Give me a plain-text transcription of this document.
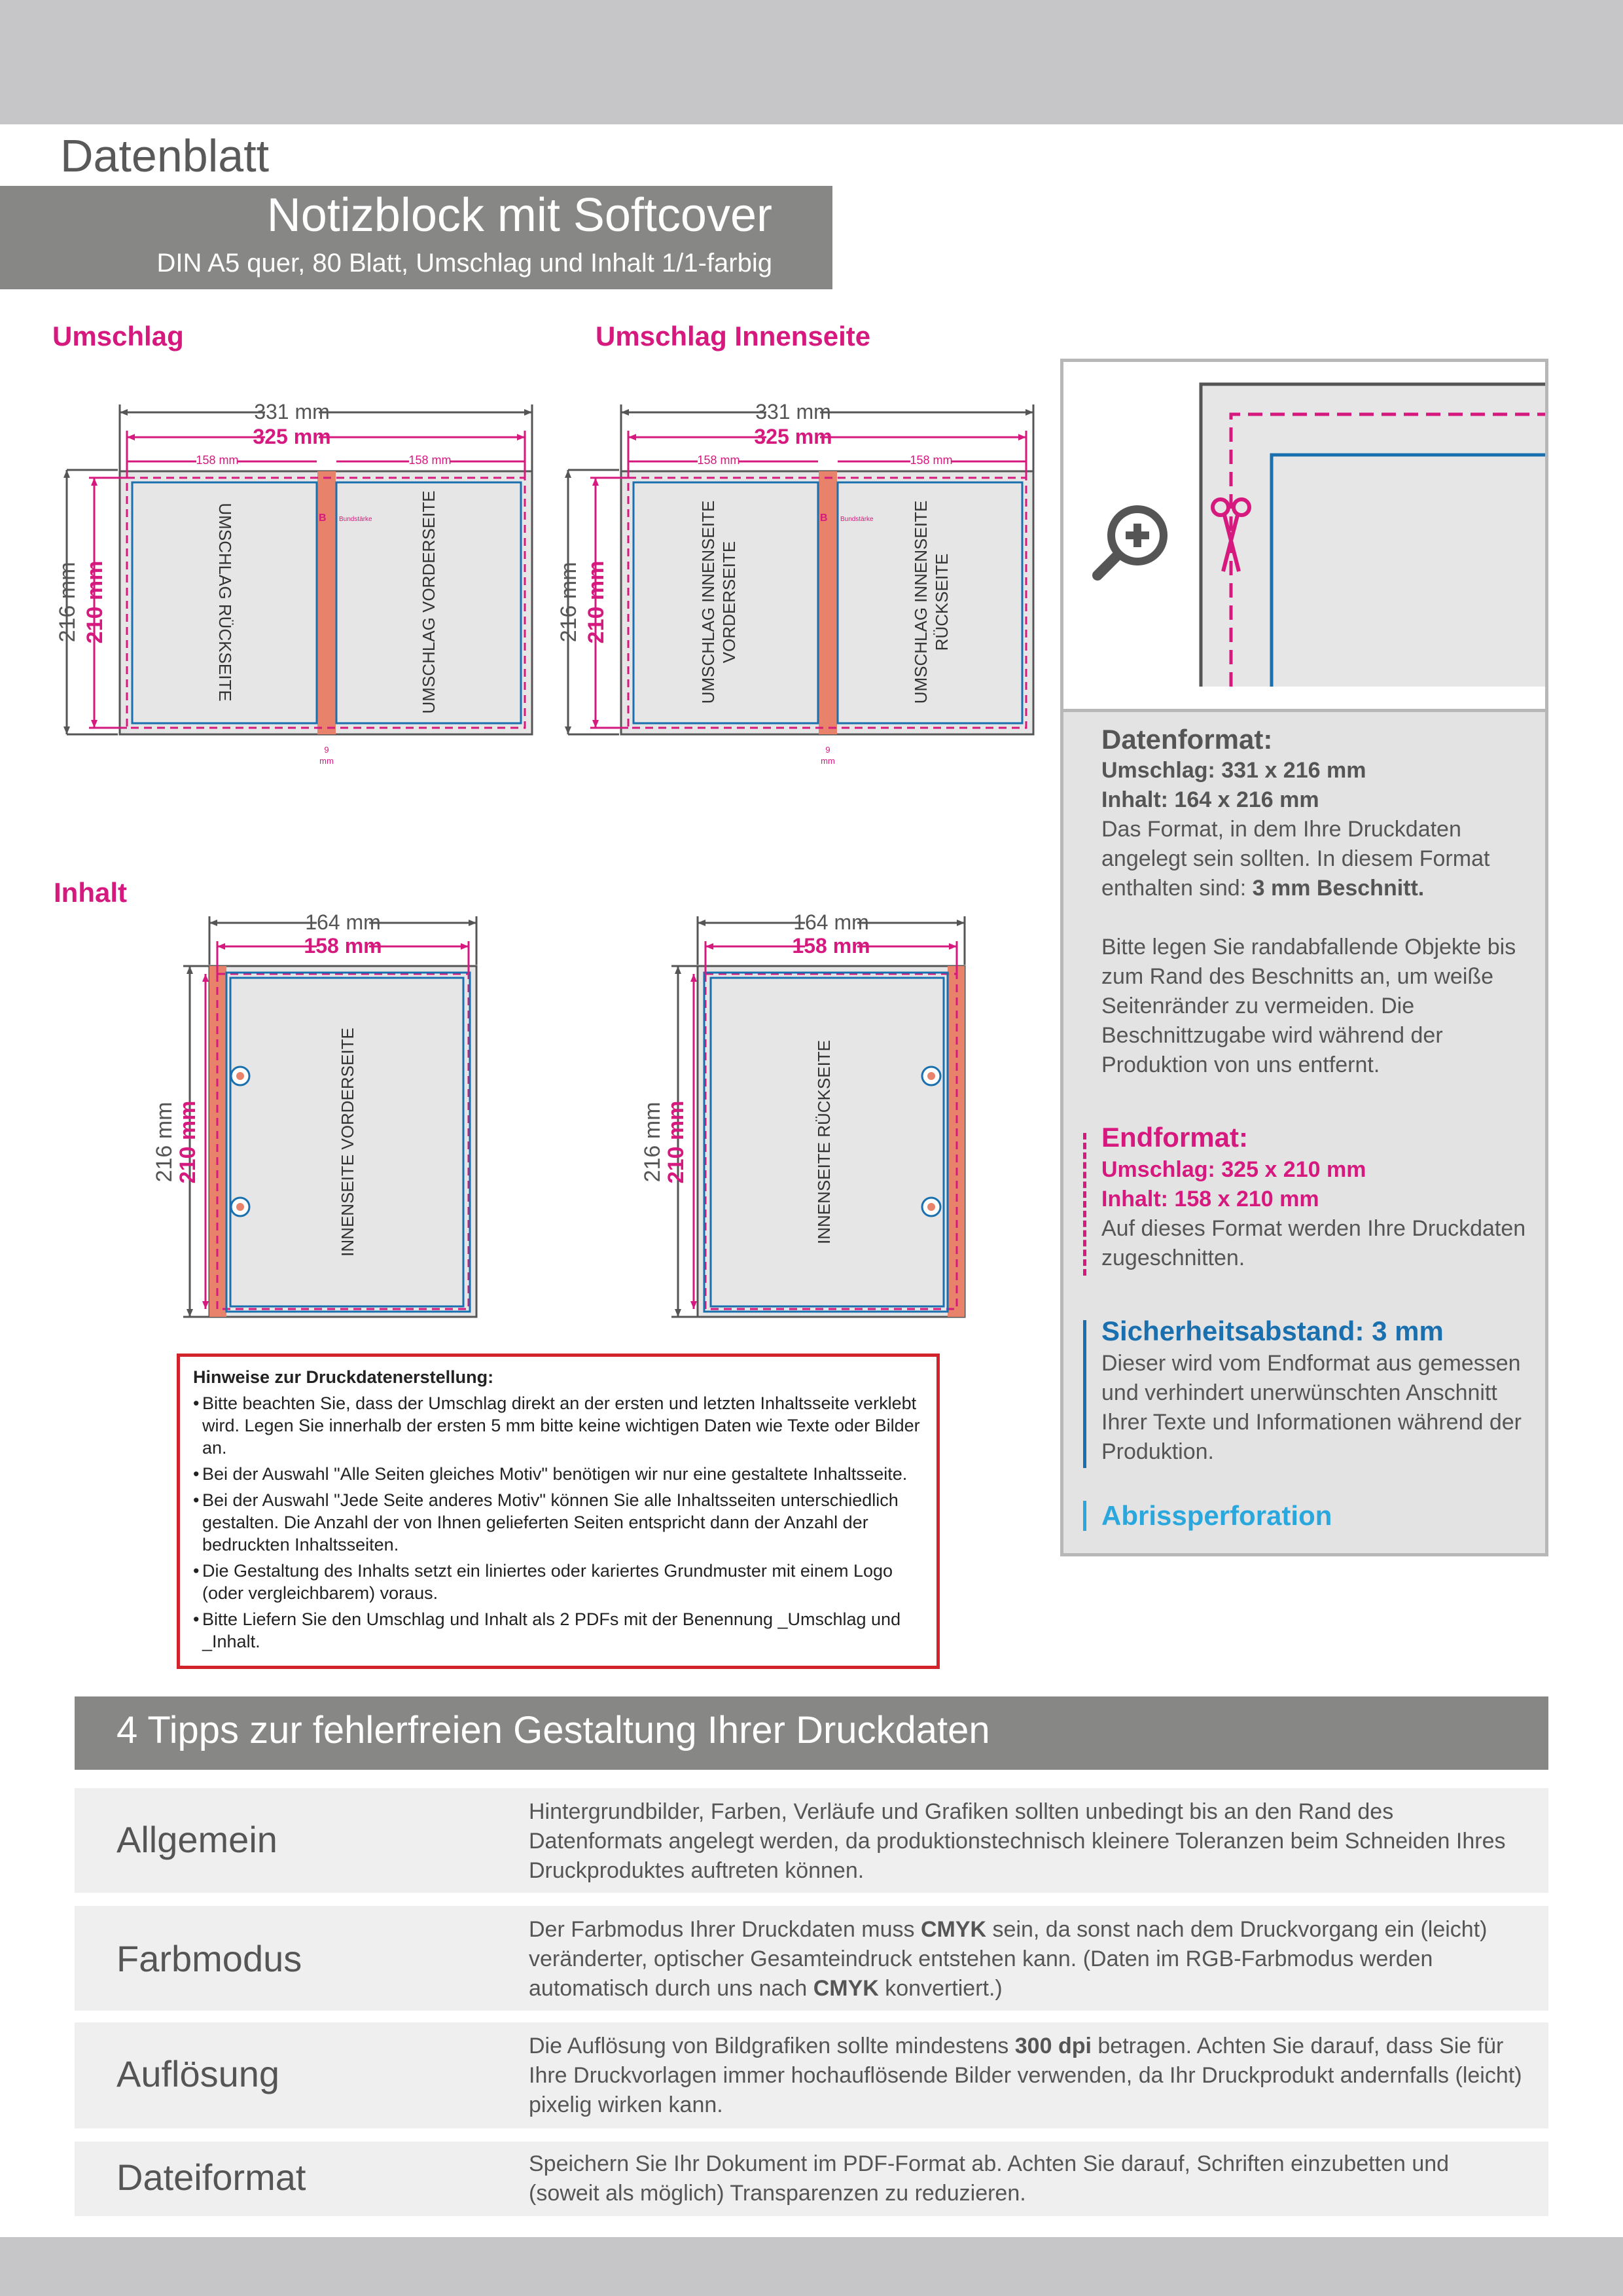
Datenblatt
Notizblock mit Softcover
DIN A5 quer, 80 Blatt, Umschlag und Inhalt 1/1-farbig
Umschlag	Umschlag Innenseite
Inhalt
331 mm
325 mm
158 mm	158 mm
216 mm 210 mm	UMSCHLAG RÜCKSEITE	UMSCHLAG VORDERSEITE
B Bundstärke
9
mm
331 mm
325 mm
158 mm	158 mm
216 mm 210 mm	UMSCHLAG INNENSEITE VORDERSEITE	UMSCHLAG INNENSEITE RÜCKSEITE
B Bundstärke
9
mm
164 mm
158 mm
216 mm
210 mm	INNENSEITE VORDERSEITE
164 mm
158 mm
216 mm
210 mm	INNENSEITE RÜCKSEITE
Hinweise zur Druckdatenerstellung:
• Bitte beachten Sie, dass der Umschlag direkt an der ersten und letzten Inhaltsseite verklebt wird. Legen Sie innerhalb der ersten 5 mm bitte keine wichtigen Daten wie Texte oder Bilder an.
• Bei der Auswahl "Alle Seiten gleiches Motiv" benötigen wir nur eine gestaltete Inhaltsseite.
• Bei der Auswahl "Jede Seite anderes Motiv" können Sie alle Inhaltsseiten unterschiedlich gestalten. Die Anzahl der von Ihnen gelieferten Seiten entspricht dann der Anzahl der bedruckten Inhaltsseiten.
• Die Gestaltung des Inhalts setzt ein liniertes oder kariertes Grundmuster mit einem Logo (oder vergleichbarem) voraus.
• Bitte Liefern Sie den Umschlag und Inhalt als 2 PDFs mit der Benennung _Umschlag und _Inhalt.
Datenformat:
Umschlag: 331 x 216 mm
Inhalt: 164 x 216 mm
Das Format, in dem Ihre Druckdaten angelegt sein sollten. In diesem Format enthalten sind: 3 mm Beschnitt.
Bitte legen Sie randabfallende Objekte bis zum Rand des Beschnitts an, um weiße Seitenränder zu vermeiden. Die Beschnittzugabe wird während der Produktion von uns entfernt.
Endformat:
Umschlag: 325 x 210 mm
Inhalt: 158 x 210 mm
Auf dieses Format werden Ihre Druckdaten zugeschnitten.
Sicherheitsabstand: 3 mm
Dieser wird vom Endformat aus gemessen und verhindert unerwünschten Anschnitt Ihrer Texte und Informationen während der Produktion.
Abrissperforation
4 Tipps zur fehlerfreien Gestaltung Ihrer Druckdaten
Allgemein
Hintergrundbilder, Farben, Verläufe und Grafiken sollten unbedingt bis an den Rand des Datenformats angelegt werden, da produktionstechnisch kleinere Toleranzen beim Schneiden Ihres Druckproduktes auftreten können.
Farbmodus
Der Farbmodus Ihrer Druckdaten muss CMYK sein, da sonst nach dem Druckvorgang ein (leicht) veränderter, optischer Gesamteindruck entstehen kann. (Daten im RGB-Farbmodus werden automatisch durch uns nach CMYK konvertiert.)
Auflösung
Die Auflösung von Bildgrafiken sollte mindestens 300 dpi betragen. Achten Sie darauf, dass Sie für Ihre Druckvorlagen immer hochauflösende Bilder verwenden, da Ihr Druckprodukt andernfalls (leicht) pixelig wirken kann.
Dateiformat	Speichern Sie Ihr Dokument im PDF-Format ab. Achten Sie darauf, Schriften einzubetten und (soweit als möglich) Transparenzen zu reduzieren.
